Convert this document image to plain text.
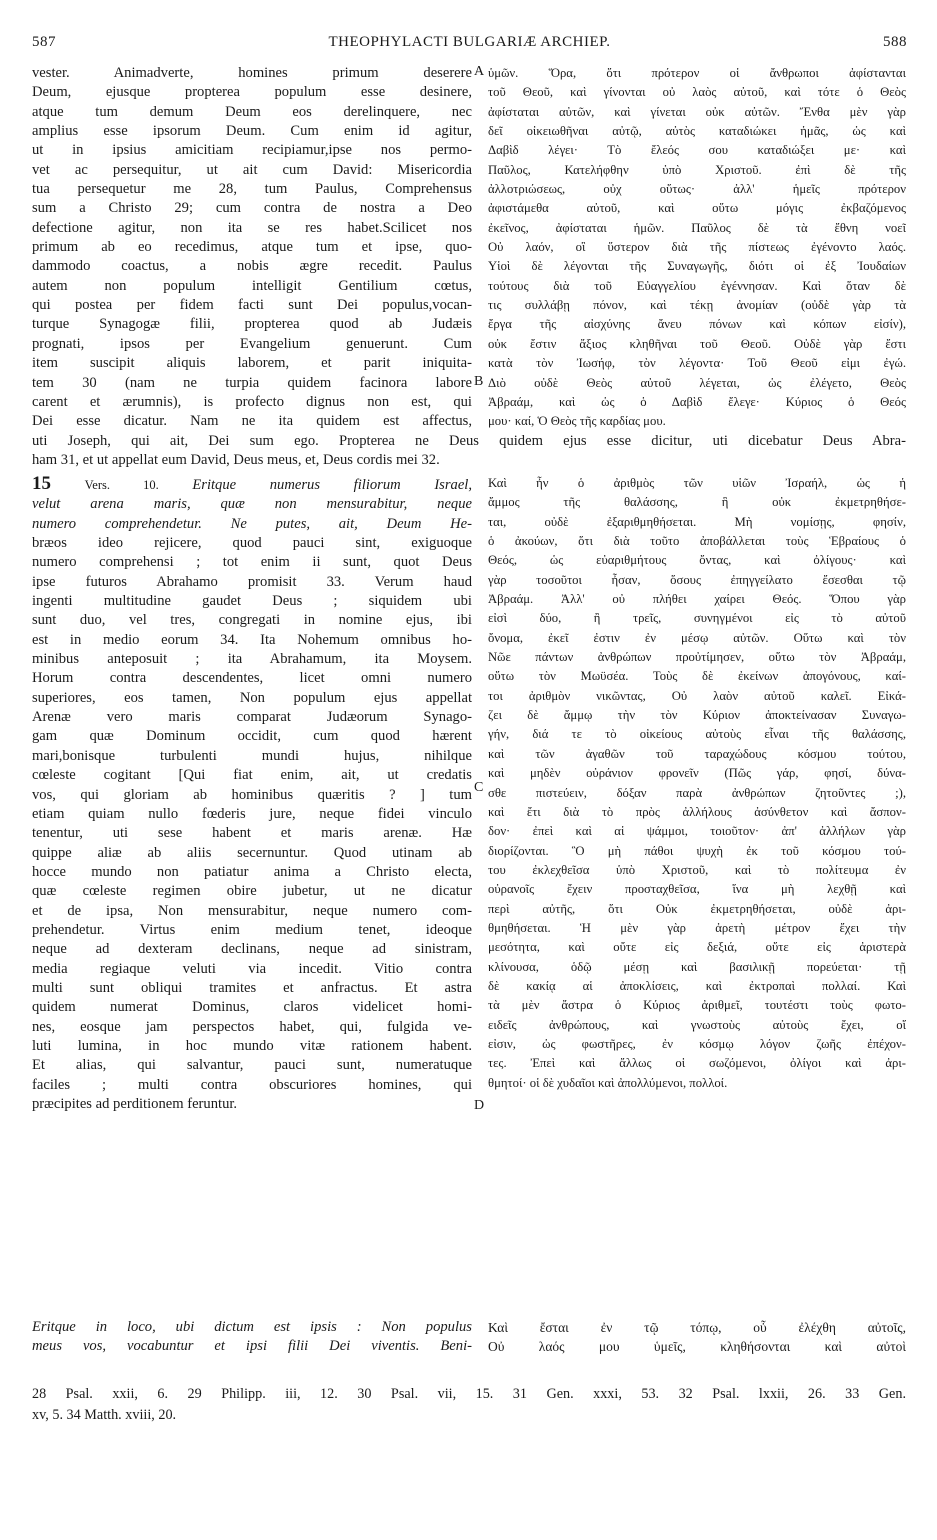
587	THEOPHYLACTI BULGARIÆ ARCHIEP.	588
vester. Animadverte, homines primum deserere
Deum, ejusque propterea populum esse desinere,
atque tum demum Deum eos derelinquere, nec
amplius esse ipsorum Deum. Cum enim id agitur,
ut in ipsius amicitiam recipiamur,ipse nos permo-
vet ac persequitur, ut ait cum David: Misericordia
tua persequetur me 28, tum Paulus, Comprehensus
sum a Christo 29; cum contra de nostra a Deo
defectione agitur, non ita se res habet.Scilicet nos
primum ab eo recedimus, atque tum et ipse, quo-
dammodo coactus, a nobis ægre recedit. Paulus
autem non populum intelligit Gentilium cœtus,
qui postea per fidem facti sunt Dei populus,vocan-
turque Synagogæ filii, propterea quod ab Judæis
prognati, ipsos per Evangelium genuerunt. Cum
item suscipit aliquis laborem, et parit iniquita-
tem 30 (nam ne turpia quidem facinora labore
carent et ærumnis), is profecto dignus non est, qui
Dei esse dicatur. Nam ne ita quidem est affectus,
ὑμῶν. Ὅρα, ὅτι πρότερον οἱ ἄνθρωποι ἀφίστανται
τοῦ Θεοῦ, καὶ γίνονται οὐ λαὸς αὐτοῦ, καὶ τότε ὁ Θεὸς
ἀφίσταται αὐτῶν, καὶ γίνεται οὐκ αὐτῶν. Ἔνθα μὲν γὰρ
δεῖ οἰκειωθῆναι αὐτῷ, αὐτὸς καταδιώκει ἡμᾶς, ὡς καὶ
Δαβὶδ λέγει· Τὸ ἔλεός σου καταδιώξει με· καὶ
Παῦλος, Κατελήφθην ὑπὸ Χριστοῦ. ἐπὶ δὲ τῆς
ἀλλοτριώσεως, οὐχ οὕτως· ἀλλ' ἡμεῖς πρότερον
ἀφιστάμεθα αὐτοῦ, καὶ οὕτω μόγις ἐκβαζόμενος
ἐκεῖνος, ἀφίσταται ἡμῶν. Παῦλος δὲ τὰ ἔθνη νοεῖ
Οὐ λαόν, οἳ ὕστερον διὰ τῆς πίστεως ἐγένοντο λαός.
Υἱοὶ δὲ λέγονται τῆς Συναγωγῆς, διότι οἱ ἐξ Ἰουδαίων
τούτους διὰ τοῦ Εὐαγγελίου ἐγέννησαν. Καὶ ὅταν δὲ
τις συλλάβῃ πόνον, καὶ τέκῃ ἀνομίαν (οὐδὲ γὰρ τὰ
ἔργα τῆς αἰσχύνης ἄνευ πόνων καὶ κόπων εἰσίν),
οὐκ ἔστιν ἄξιος κληθῆναι τοῦ Θεοῦ. Οὐδὲ γὰρ ἔστι
κατὰ τὸν Ἰωσήφ, τὸν λέγοντα· Τοῦ Θεοῦ εἰμι ἐγώ.
Διὸ οὐδὲ Θεὸς αὐτοῦ λέγεται, ὡς ἐλέγετο, Θεὸς
Ἀβραάμ, καὶ ὡς ὁ Δαβὶδ ἔλεγε· Κύριος ὁ Θεός
μου· καί, Ὁ Θεὸς τῆς καρδίας μου.
A
B
C
D
uti Joseph, qui ait, Dei sum ego. Propterea ne Deus quidem ejus esse dicitur, uti dicebatur Deus Abra-
ham 31, et ut appellat eum David, Deus meus, et, Deus cordis mei 32.
15	Vers. 10. Eritque numerus filiorum Israel,
velut arena maris, quæ non mensurabitur, neque
numero comprehendetur. Ne putes, ait, Deum He-
bræos ideo rejicere, quod pauci sint, exiguoque
numero comprehensi ; tot enim ii sunt, quot Deus
ipse futuros Abrahamo promisit 33. Verum haud
ingenti multitudine gaudet Deus ; siquidem ubi
sunt duo, vel tres, congregati in nomine ejus, ibi
est in medio eorum 34. Ita Nohemum omnibus ho-
minibus anteposuit ; ita Abrahamum, ita Moysem.
Horum contra descendentes, licet omni numero
superiores, eos tamen, Non populum ejus appellat
Arenæ vero maris comparat Judæorum Synago-
gam quæ Dominum occidit, cum quod hærent
mari,bonisque turbulenti mundi hujus, nihilque
cœleste cogitant [Qui fiat enim, ait, ut credatis
vos, qui gloriam ab hominibus quæritis ? ] tum
etiam quiam nullo fœderis jure, neque fidei vinculo
tenentur, uti sese habent et maris arenæ. Hæ
quippe aliæ ab aliis secernuntur. Quod utinam ab
hocce mundo non patiatur anima a Christo electa,
quæ cœleste regimen obire jubetur, ut ne dicatur
et de ipsa, Non mensurabitur, neque numero com-
prehendetur. Virtus enim medium tenet, ideoque
neque ad dexteram declinans, neque ad sinistram,
media regiaque veluti via incedit. Vitio contra
multi sunt obliqui tramites et anfractus. Et astra
quidem numerat Dominus, claros videlicet homi-
nes, eosque jam perspectos habet, qui, fulgida ve-
luti lumina, in hoc mundo vitæ rationem habent.
Et alias, qui salvantur, pauci sunt, numeratuque
faciles ; multi contra obscuriores homines, qui
præcipites ad perditionem feruntur.
Καὶ ἦν ὁ ἀριθμὸς τῶν υἱῶν Ἰσραήλ, ὡς ἡ
ἄμμος τῆς θαλάσσης, ἣ οὐκ ἐκμετρηθήσε-
ται, οὐδὲ ἐξαριθμηθήσεται. Μὴ νομίσῃς, φησίν,
ὁ ἀκούων, ὅτι διὰ τοῦτο ἀποβάλλεται τοὺς Ἑβραίους ὁ
Θεός, ὡς εὐαριθμήτους ὄντας, καὶ ὀλίγους· καὶ
γὰρ τοσοῦτοι ἦσαν, ὅσους ἐπηγγείλατο ἔσεσθαι τῷ
Ἀβραάμ. Ἀλλ' οὐ πλήθει χαίρει Θεός. Ὅπου γὰρ
εἰσὶ δύο, ἢ τρεῖς, συνηγμένοι εἰς τὸ αὐτοῦ
ὄνομα, ἐκεῖ ἐστιν ἐν μέσῳ αὐτῶν. Οὕτω καὶ τὸν
Νῶε πάντων ἀνθρώπων προὐτίμησεν, οὕτω τὸν Ἀβραάμ,
οὕτω τὸν Μωϋσέα. Τοὺς δὲ ἐκείνων ἀπογόνους, καί-
τοι ἀριθμὸν νικῶντας, Οὐ λαὸν αὐτοῦ καλεῖ. Εἰκά-
ζει δὲ ἄμμῳ τὴν τὸν Κύριον ἀποκτείνασαν Συναγω-
γήν, διά τε τὸ οἰκείους αὐτοὺς εἶναι τῆς θαλάσσης,
καὶ τῶν ἀγαθῶν τοῦ ταραχώδους κόσμου τούτου,
καὶ μηδὲν οὐράνιον φρονεῖν (Πῶς γάρ, φησί, δύνα-
σθε πιστεύειν, δόξαν παρὰ ἀνθρώπων ζητοῦντες ;),
καὶ ἔτι διὰ τὸ πρὸς ἀλλήλους ἀσύνθετον καὶ ἄσπον-
δον· ἐπεὶ καὶ αἱ ψάμμοι, τοιοῦτον· ἀπ' ἀλλήλων γὰρ
διορίζονται. Ὃ μὴ πάθοι ψυχὴ ἐκ τοῦ κόσμου τού-
του ἐκλεχθεῖσα ὑπὸ Χριστοῦ, καὶ τὸ πολίτευμα ἐν
οὐρανοῖς ἔχειν προσταχθεῖσα, ἵνα μὴ λεχθῇ καὶ
περὶ αὐτῆς, ὅτι Οὐκ ἐκμετρηθήσεται, οὐδὲ ἀρι-
θμηθήσεται. Ἡ μὲν γὰρ ἀρετὴ μέτρον ἔχει τὴν
μεσότητα, καὶ οὔτε εἰς δεξιά, οὔτε εἰς ἀριστερὰ
κλίνουσα, ὁδῷ μέσῃ καὶ βασιλικῇ πορεύεται· τῇ
δὲ κακίᾳ αἱ ἀποκλίσεις, καὶ ἐκτροπαὶ πολλαί. Καὶ
τὰ μὲν ἄστρα ὁ Κύριος ἀριθμεῖ, τουτέστι τοὺς φωτο-
ειδεῖς ἀνθρώπους, καὶ γνωστοὺς αὐτοὺς ἔχει, οἵ
εἰσιν, ὡς φωστῆρες, ἐν κόσμῳ λόγον ζωῆς ἐπέχον-
τες. Ἐπεὶ καὶ ἄλλως οἱ σωζόμενοι, ὀλίγοι καὶ ἀρι-
θμητοί· οἱ δὲ χυδαῖοι καὶ ἀπολλύμενοι, πολλοί.
Eritque in loco, ubi dictum est ipsis : Non populus
meus vos, vocabuntur et ipsi filii Dei viventis. Beni-
Καὶ ἔσται ἐν τῷ τόπῳ, οὗ ἐλέχθη αὐτοῖς,
Οὐ λαός μου ὑμεῖς, κληθήσονται καὶ αὐτοὶ
28 Psal. xxii, 6. 29 Philipp. iii, 12. 30 Psal. vii, 15. 31 Gen. xxxi, 53. 32 Psal. lxxii, 26. 33 Gen.
xv, 5. 34 Matth. xviii, 20.
